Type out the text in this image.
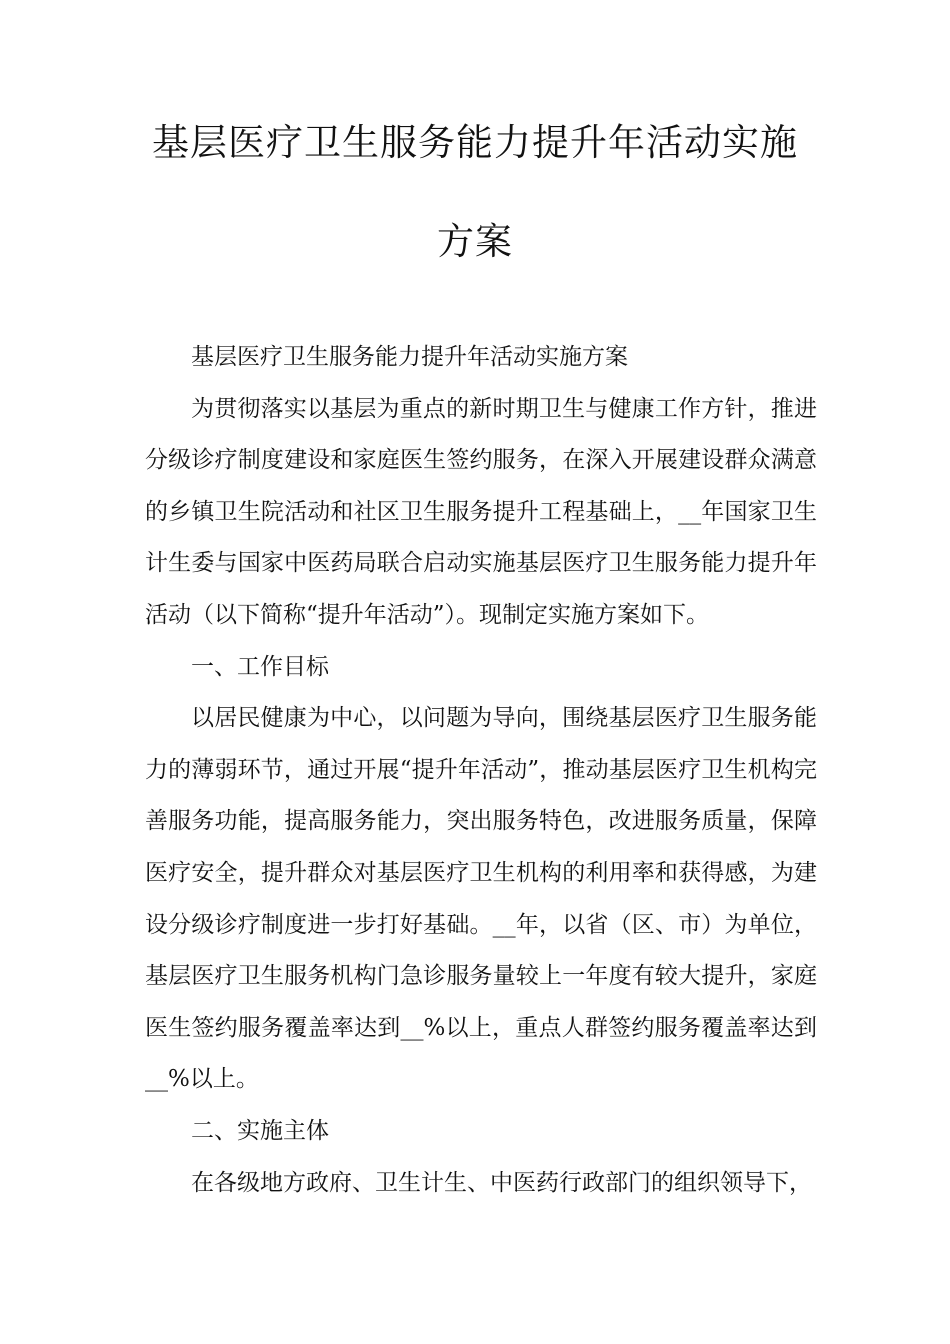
基层医疗卫生服务能力提升年活动实施
方案

基层医疗卫生服务能力提升年活动实施方案

为贯彻落实以基层为重点的新时期卫生与健康工作方针，推进分级诊疗制度建设和家庭医生签约服务，在深入开展建设群众满意的乡镇卫生院活动和社区卫生服务提升工程基础上，__年国家卫生计生委与国家中医药局联合启动实施基层医疗卫生服务能力提升年活动（以下简称“提升年活动”）。现制定实施方案如下。

一、工作目标

以居民健康为中心，以问题为导向，围绕基层医疗卫生服务能力的薄弱环节，通过开展“提升年活动”，推动基层医疗卫生机构完善服务功能，提高服务能力，突出服务特色，改进服务质量，保障医疗安全，提升群众对基层医疗卫生机构的利用率和获得感，为建设分级诊疗制度进一步打好基础。__年，以省（区、市）为单位，基层医疗卫生服务机构门急诊服务量较上一年度有较大提升，家庭医生签约服务覆盖率达到__%以上，重点人群签约服务覆盖率达到__%以上。

二、实施主体

在各级地方政府、卫生计生、中医药行政部门的组织领导下，
